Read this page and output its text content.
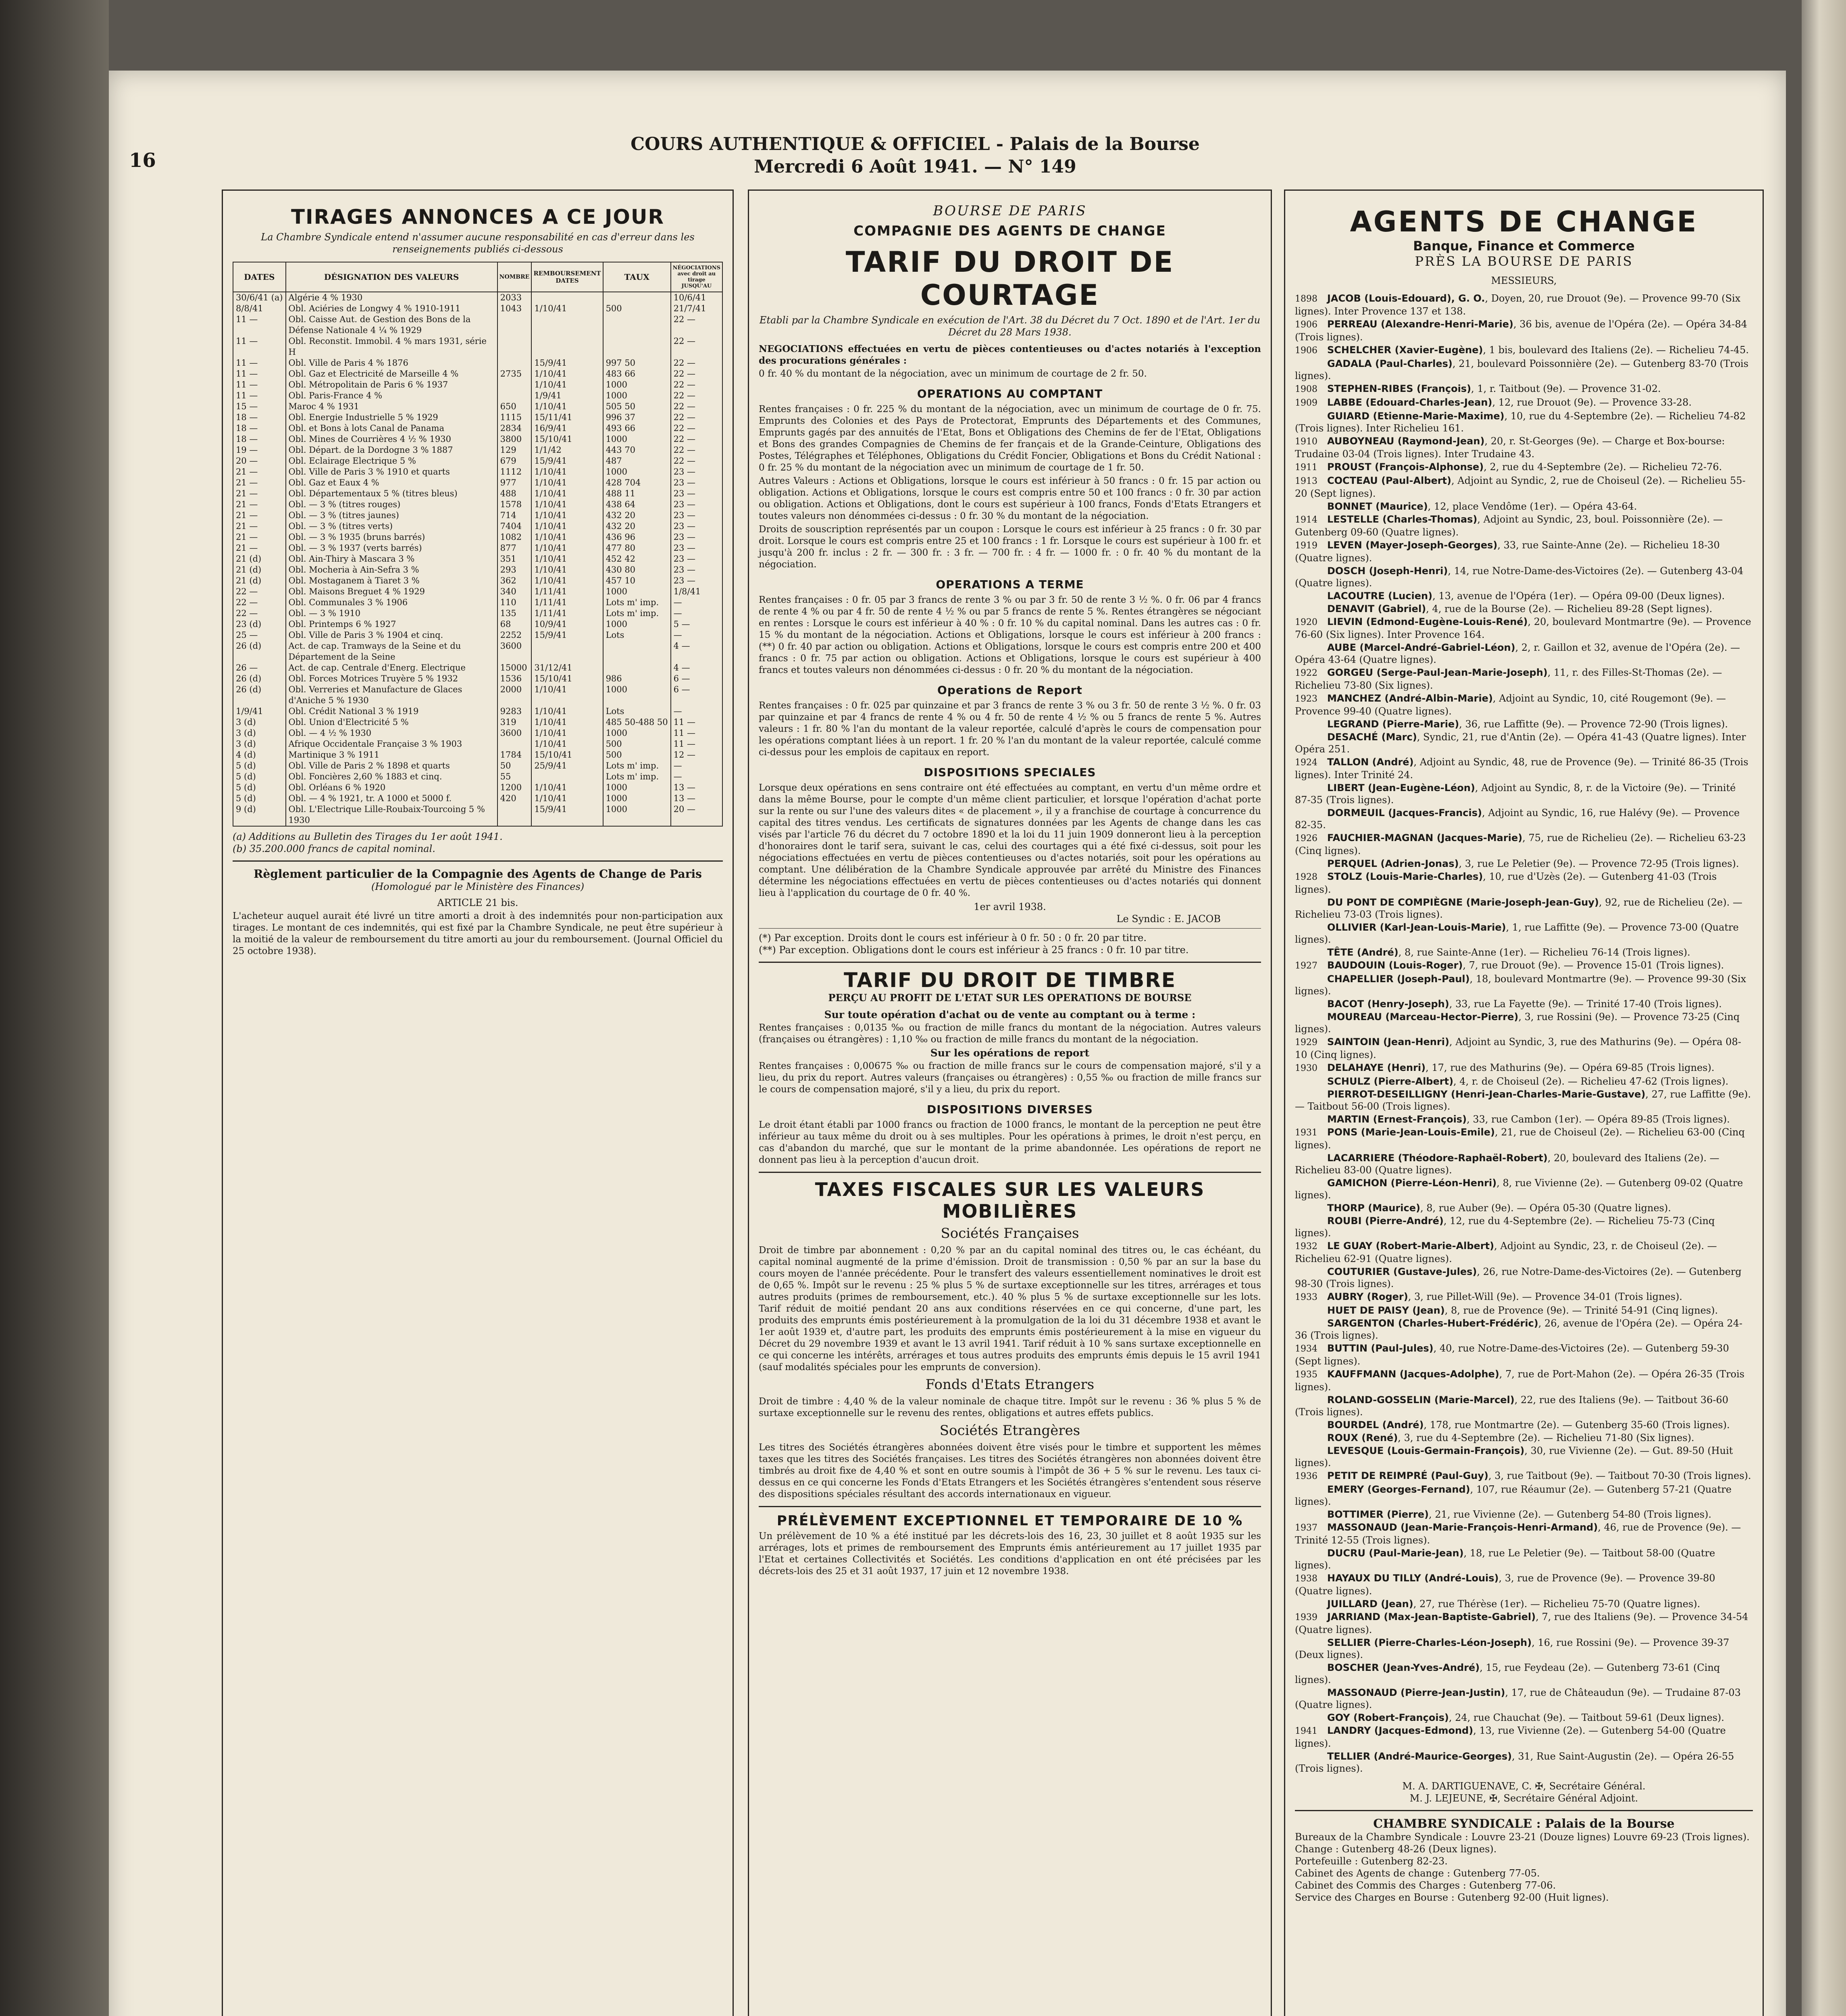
16
COURS AUTHENTIQUE & OFFICIEL - Palais de la Bourse
Mercredi 6 Août 1941. — N° 149
TIRAGES ANNONCES A CE JOUR

La Chambre Syndicale entend n'assumer aucune responsabilité en cas d'erreur dans les renseignements publiés ci-dessous

DATES	DÉSIGNATION DES VALEURS	NOMBRE	REMBOURSEMENT DATES	TAUX	NÉGOCIATIONS avec droit au tirage JUSQU'AU
30/6/41 (a)	Algérie 4 % 1930	2033			10/6/41
8/8/41	Obl. Aciéries de Longwy 4 % 1910-1911	1043	1/10/41	500	21/7/41
11 —	Obl. Caisse Aut. de Gestion des Bons de la Défense Nationale 4 ¼ % 1929				22 —
11 —	Obl. Reconstit. Immobil. 4 % mars 1931, série H				22 —
11 —	Obl. Ville de Paris 4 % 1876		15/9/41	997 50	22 —
11 —	Obl. Gaz et Electricité de Marseille 4 %	2735	1/10/41	483 66	22 —
11 —	Obl. Métropolitain de Paris 6 % 1937		1/10/41	1000	22 —
11 —	Obl. Paris-France 4 %		1/9/41	1000	22 —
15 —	Maroc 4 % 1931	650	1/10/41	505 50	22 —
18 —	Obl. Energie Industrielle 5 % 1929	1115	15/11/41	996 37	22 —
18 —	Obl. et Bons à lots Canal de Panama	2834	16/9/41	493 66	22 —
18 —	Obl. Mines de Courrières 4 ½ % 1930	3800	15/10/41	1000	22 —
19 —	Obl. Départ. de la Dordogne 3 % 1887	129	1/1/42	443 70	22 —
20 —	Obl. Eclairage Electrique 5 %	679	15/9/41	487	22 —
21 —	Obl. Ville de Paris 3 % 1910 et quarts	1112	1/10/41	1000	23 —
21 —	Obl. Gaz et Eaux 4 %	977	1/10/41	428 704	23 —
21 —	Obl. Départementaux 5 % (titres bleus)	488	1/10/41	488 11	23 —
21 —	Obl. — 3 % (titres rouges)	1578	1/10/41	438 64	23 —
21 —	Obl. — 3 % (titres jaunes)	714	1/10/41	432 20	23 —
21 —	Obl. — 3 % (titres verts)	7404	1/10/41	432 20	23 —
21 —	Obl. — 3 % 1935 (bruns barrés)	1082	1/10/41	436 96	23 —
21 —	Obl. — 3 % 1937 (verts barrés)	877	1/10/41	477 80	23 —
21 (d)	Obl. Ain-Thiry à Mascara 3 %	351	1/10/41	452 42	23 —
21 (d)	Obl. Mocheria à Ain-Sefra 3 %	293	1/10/41	430 80	23 —
21 (d)	Obl. Mostaganem à Tiaret 3 %	362	1/10/41	457 10	23 —
22 —	Obl. Maisons Breguet 4 % 1929	340	1/11/41	1000	1/8/41
22 —	Obl. Communales 3 % 1906	110	1/11/41	Lots m' imp.	—
22 —	Obl. — 3 % 1910	135	1/11/41	Lots m' imp.	—
23 (d)	Obl. Printemps 6 % 1927	68	10/9/41	1000	5 —
25 —	Obl. Ville de Paris 3 % 1904 et cinq.	2252	15/9/41	Lots	—
26 (d)	Act. de cap. Tramways de la Seine et du Département de la Seine	3600			4 —
26 —	Act. de cap. Centrale d'Energ. Electrique	15000	31/12/41		4 —
26 (d)	Obl. Forces Motrices Truyère 5 % 1932	1536	15/10/41	986	6 —
26 (d)	Obl. Verreries et Manufacture de Glaces d'Aniche 5 % 1930	2000	1/10/41	1000	6 —
1/9/41	Obl. Crédit National 3 % 1919	9283	1/10/41	Lots	—
3 (d)	Obl. Union d'Electricité 5 %	319	1/10/41	485 50-488 50	11 —
3 (d)	Obl. — 4 ½ % 1930	3600	1/10/41	1000	11 —
3 (d)	Afrique Occidentale Française 3 % 1903		1/10/41	500	11 —
4 (d)	Martinique 3 % 1911	1784	15/10/41	500	12 —
5 (d)	Obl. Ville de Paris 2 % 1898 et quarts	50	25/9/41	Lots m' imp.	—
5 (d)	Obl. Foncières 2,60 % 1883 et cinq.	55		Lots m' imp.	—
5 (d)	Obl. Orléans 6 % 1920	1200	1/10/41	1000	13 —
5 (d)	Obl. — 4 % 1921, tr. A 1000 et 5000 f.	420	1/10/41	1000	13 —
9 (d)	Obl. L'Electrique Lille-Roubaix-Tourcoing 5 % 1930		15/9/41	1000	20 —

(a) Additions au Bulletin des Tirages du 1er août 1941.

(b) 35.200.000 francs de capital nominal.

Règlement particulier de la Compagnie des Agents de Change de Paris

(Homologué par le Ministère des Finances)

ARTICLE 21 bis.

L'acheteur auquel aurait été livré un titre amorti a droit à des indemnités pour non-participation aux tirages. Le montant de ces indemnités, qui est fixé par la Chambre Syndicale, ne peut être supérieur à la moitié de la valeur de remboursement du titre amorti au jour du remboursement. (Journal Officiel du 25 octobre 1938).

BOURSE DE PARIS

COMPAGNIE DES AGENTS DE CHANGE

TARIF DU DROIT DE COURTAGE

Etabli par la Chambre Syndicale en exécution de l'Art. 38 du Décret du 7 Oct. 1890 et de l'Art. 1er du Décret du 28 Mars 1938.

NEGOCIATIONS effectuées en vertu de pièces contentieuses ou d'actes notariés à l'exception des procurations générales :

0 fr. 40 % du montant de la négociation, avec un minimum de courtage de 2 fr. 50.

OPERATIONS AU COMPTANT

Rentes françaises : 0 fr. 225 % du montant de la négociation, avec un minimum de courtage de 0 fr. 75. Emprunts des Colonies et des Pays de Protectorat, Emprunts des Départements et des Communes, Emprunts gagés par des annuités de l'Etat, Bons et Obligations des Chemins de fer de l'Etat, Obligations et Bons des grandes Compagnies de Chemins de fer français et de la Grande-Ceinture, Obligations des Postes, Télégraphes et Téléphones, Obligations du Crédit Foncier, Obligations et Bons du Crédit National : 0 fr. 25 % du montant de la négociation avec un minimum de courtage de 1 fr. 50.

Autres Valeurs : Actions et Obligations, lorsque le cours est inférieur à 50 francs : 0 fr. 15 par action ou obligation. Actions et Obligations, lorsque le cours est compris entre 50 et 100 francs : 0 fr. 30 par action ou obligation. Actions et Obligations, dont le cours est supérieur à 100 francs, Fonds d'Etats Etrangers et toutes valeurs non dénommées ci-dessus : 0 fr. 30 % du montant de la négociation.

Droits de souscription représentés par un coupon : Lorsque le cours est inférieur à 25 francs : 0 fr. 30 par droit. Lorsque le cours est compris entre 25 et 100 francs : 1 fr. Lorsque le cours est supérieur à 100 fr. et jusqu'à 200 fr. inclus : 2 fr. — 300 fr. : 3 fr. — 700 fr. : 4 fr. — 1000 fr. : 0 fr. 40 % du montant de la négociation.

OPERATIONS A TERME

Rentes françaises : 0 fr. 05 par 3 francs de rente 3 % ou par 3 fr. 50 de rente 3 ½ %. 0 fr. 06 par 4 francs de rente 4 % ou par 4 fr. 50 de rente 4 ½ % ou par 5 francs de rente 5 %. Rentes étrangères se négociant en rentes : Lorsque le cours est inférieur à 40 % : 0 fr. 10 % du capital nominal. Dans les autres cas : 0 fr. 15 % du montant de la négociation. Actions et Obligations, lorsque le cours est inférieur à 200 francs : (**) 0 fr. 40 par action ou obligation. Actions et Obligations, lorsque le cours est compris entre 200 et 400 francs : 0 fr. 75 par action ou obligation. Actions et Obligations, lorsque le cours est supérieur à 400 francs et toutes valeurs non dénommées ci-dessus : 0 fr. 20 % du montant de la négociation.

Operations de Report

Rentes françaises : 0 fr. 025 par quinzaine et par 3 francs de rente 3 % ou 3 fr. 50 de rente 3 ½ %. 0 fr. 03 par quinzaine et par 4 francs de rente 4 % ou 4 fr. 50 de rente 4 ½ % ou 5 francs de rente 5 %. Autres valeurs : 1 fr. 80 % l'an du montant de la valeur reportée, calculé d'après le cours de compensation pour les opérations comptant liées à un report. 1 fr. 20 % l'an du montant de la valeur reportée, calculé comme ci-dessus pour les emplois de capitaux en report.

DISPOSITIONS SPECIALES

Lorsque deux opérations en sens contraire ont été effectuées au comptant, en vertu d'un même ordre et dans la même Bourse, pour le compte d'un même client particulier, et lorsque l'opération d'achat porte sur la rente ou sur l'une des valeurs dites « de placement », il y a franchise de courtage à concurrence du capital des titres vendus. Les certificats de signatures données par les Agents de change dans les cas visés par l'article 76 du décret du 7 octobre 1890 et la loi du 11 juin 1909 donneront lieu à la perception d'honoraires dont le tarif sera, suivant le cas, celui des courtages qui a été fixé ci-dessus, soit pour les négociations effectuées en vertu de pièces contentieuses ou d'actes notariés, soit pour les opérations au comptant. Une délibération de la Chambre Syndicale approuvée par arrêté du Ministre des Finances détermine les négociations effectuées en vertu de pièces contentieuses ou d'actes notariés qui donnent lieu à l'application du courtage de 0 fr. 40 %.

1er avril 1938.

Le Syndic : E. JACOB

(*) Par exception. Droits dont le cours est inférieur à 0 fr. 50 : 0 fr. 20 par titre.

(**) Par exception. Obligations dont le cours est inférieur à 25 francs : 0 fr. 10 par titre.

TARIF DU DROIT DE TIMBRE

PERÇU AU PROFIT DE L'ETAT SUR LES OPERATIONS DE BOURSE

Sur toute opération d'achat ou de vente au comptant ou à terme :

Rentes françaises : 0,0135 ‰ ou fraction de mille francs du montant de la négociation. Autres valeurs (françaises ou étrangères) : 1,10 ‰ ou fraction de mille francs du montant de la négociation.

Sur les opérations de report

Rentes françaises : 0,00675 ‰ ou fraction de mille francs sur le cours de compensation majoré, s'il y a lieu, du prix du report. Autres valeurs (françaises ou étrangères) : 0,55 ‰ ou fraction de mille francs sur le cours de compensation majoré, s'il y a lieu, du prix du report.

DISPOSITIONS DIVERSES

Le droit étant établi par 1000 francs ou fraction de 1000 francs, le montant de la perception ne peut être inférieur au taux même du droit ou à ses multiples. Pour les opérations à primes, le droit n'est perçu, en cas d'abandon du marché, que sur le montant de la prime abandonnée. Les opérations de report ne donnent pas lieu à la perception d'aucun droit.

TAXES FISCALES SUR LES VALEURS MOBILIÈRES

Sociétés Françaises

Droit de timbre par abonnement : 0,20 % par an du capital nominal des titres ou, le cas échéant, du capital nominal augmenté de la prime d'émission. Droit de transmission : 0,50 % par an sur la base du cours moyen de l'année précédente. Pour le transfert des valeurs essentiellement nominatives le droit est de 0,65 %. Impôt sur le revenu : 25 % plus 5 % de surtaxe exceptionnelle sur les titres, arrérages et tous autres produits (primes de remboursement, etc.). 40 % plus 5 % de surtaxe exceptionnelle sur les lots. Tarif réduit de moitié pendant 20 ans aux conditions réservées en ce qui concerne, d'une part, les produits des emprunts émis postérieurement à la promulgation de la loi du 31 décembre 1938 et avant le 1er août 1939 et, d'autre part, les produits des emprunts émis postérieurement à la mise en vigueur du Décret du 29 novembre 1939 et avant le 13 avril 1941. Tarif réduit à 10 % sans surtaxe exceptionnelle en ce qui concerne les intérêts, arrérages et tous autres produits des emprunts émis depuis le 15 avril 1941 (sauf modalités spéciales pour les emprunts de conversion).

Fonds d'Etats Etrangers

Droit de timbre : 4,40 % de la valeur nominale de chaque titre. Impôt sur le revenu : 36 % plus 5 % de surtaxe exceptionnelle sur le revenu des rentes, obligations et autres effets publics.

Sociétés Etrangères

Les titres des Sociétés étrangères abonnées doivent être visés pour le timbre et supportent les mêmes taxes que les titres des Sociétés françaises. Les titres des Sociétés étrangères non abonnées doivent être timbrés au droit fixe de 4,40 % et sont en outre soumis à l'impôt de 36 + 5 % sur le revenu. Les taux ci-dessus en ce qui concerne les Fonds d'Etats Etrangers et les Sociétés étrangères s'entendent sous réserve des dispositions spéciales résultant des accords internationaux en vigueur.

PRÉLÈVEMENT EXCEPTIONNEL ET TEMPORAIRE DE 10 %

Un prélèvement de 10 % a été institué par les décrets-lois des 16, 23, 30 juillet et 8 août 1935 sur les arrérages, lots et primes de remboursement des Emprunts émis antérieurement au 17 juillet 1935 par l'Etat et certaines Collectivités et Sociétés. Les conditions d'application en ont été précisées par les décrets-lois des 25 et 31 août 1937, 17 juin et 12 novembre 1938.

AGENTS DE CHANGE

Banque, Finance et Commerce

PRÈS LA BOURSE DE PARIS

MESSIEURS,

1898 JACOB (Louis-Edouard), G. O., Doyen, 20, rue Drouot (9e). — Provence 99-70 (Six lignes). Inter Provence 137 et 138.

1906 PERREAU (Alexandre-Henri-Marie), 36 bis, avenue de l'Opéra (2e). — Opéra 34-84 (Trois lignes).

1906 SCHELCHER (Xavier-Eugène), 1 bis, boulevard des Italiens (2e). — Richelieu 74-45.

GADALA (Paul-Charles), 21, boulevard Poissonnière (2e). — Gutenberg 83-70 (Trois lignes).

1908 STEPHEN-RIBES (François), 1, r. Taitbout (9e). — Provence 31-02.

1909 LABBE (Edouard-Charles-Jean), 12, rue Drouot (9e). — Provence 33-28.

GUIARD (Etienne-Marie-Maxime), 10, rue du 4-Septembre (2e). — Richelieu 74-82 (Trois lignes). Inter Richelieu 161.

1910 AUBOYNEAU (Raymond-Jean), 20, r. St-Georges (9e). — Charge et Box-bourse: Trudaine 03-04 (Trois lignes). Inter Trudaine 43.

1911 PROUST (François-Alphonse), 2, rue du 4-Septembre (2e). — Richelieu 72-76.

1913 COCTEAU (Paul-Albert), Adjoint au Syndic, 2, rue de Choiseul (2e). — Richelieu 55-20 (Sept lignes).

BONNET (Maurice), 12, place Vendôme (1er). — Opéra 43-64.

1914 LESTELLE (Charles-Thomas), Adjoint au Syndic, 23, boul. Poissonnière (2e). — Gutenberg 09-60 (Quatre lignes).

1919 LEVEN (Mayer-Joseph-Georges), 33, rue Sainte-Anne (2e). — Richelieu 18-30 (Quatre lignes).

DOSCH (Joseph-Henri), 14, rue Notre-Dame-des-Victoires (2e). — Gutenberg 43-04 (Quatre lignes).

LACOUTRE (Lucien), 13, avenue de l'Opéra (1er). — Opéra 09-00 (Deux lignes).

DENAVIT (Gabriel), 4, rue de la Bourse (2e). — Richelieu 89-28 (Sept lignes).

1920 LIEVIN (Edmond-Eugène-Louis-René), 20, boulevard Montmartre (9e). — Provence 76-60 (Six lignes). Inter Provence 164.

AUBE (Marcel-André-Gabriel-Léon), 2, r. Gaillon et 32, avenue de l'Opéra (2e). — Opéra 43-64 (Quatre lignes).

1922 GORGEU (Serge-Paul-Jean-Marie-Joseph), 11, r. des Filles-St-Thomas (2e). — Richelieu 73-80 (Six lignes).

1923 MANCHEZ (André-Albin-Marie), Adjoint au Syndic, 10, cité Rougemont (9e). — Provence 99-40 (Quatre lignes).

LEGRAND (Pierre-Marie), 36, rue Laffitte (9e). — Provence 72-90 (Trois lignes).

DESACHÉ (Marc), Syndic, 21, rue d'Antin (2e). — Opéra 41-43 (Quatre lignes). Inter Opéra 251.

1924 TALLON (André), Adjoint au Syndic, 48, rue de Provence (9e). — Trinité 86-35 (Trois lignes). Inter Trinité 24.

LIBERT (Jean-Eugène-Léon), Adjoint au Syndic, 8, r. de la Victoire (9e). — Trinité 87-35 (Trois lignes).

DORMEUIL (Jacques-Francis), Adjoint au Syndic, 16, rue Halévy (9e). — Provence 82-35.

1926 FAUCHIER-MAGNAN (Jacques-Marie), 75, rue de Richelieu (2e). — Richelieu 63-23 (Cinq lignes).

PERQUEL (Adrien-Jonas), 3, rue Le Peletier (9e). — Provence 72-95 (Trois lignes).

1928 STOLZ (Louis-Marie-Charles), 10, rue d'Uzès (2e). — Gutenberg 41-03 (Trois lignes).

DU PONT DE COMPIÈGNE (Marie-Joseph-Jean-Guy), 92, rue de Richelieu (2e). — Richelieu 73-03 (Trois lignes).

OLLIVIER (Karl-Jean-Louis-Marie), 1, rue Laffitte (9e). — Provence 73-00 (Quatre lignes).

TÊTE (André), 8, rue Sainte-Anne (1er). — Richelieu 76-14 (Trois lignes).

1927 BAUDOUIN (Louis-Roger), 7, rue Drouot (9e). — Provence 15-01 (Trois lignes).

CHAPELLIER (Joseph-Paul), 18, boulevard Montmartre (9e). — Provence 99-30 (Six lignes).

BACOT (Henry-Joseph), 33, rue La Fayette (9e). — Trinité 17-40 (Trois lignes).

MOUREAU (Marceau-Hector-Pierre), 3, rue Rossini (9e). — Provence 73-25 (Cinq lignes).

1929 SAINTOIN (Jean-Henri), Adjoint au Syndic, 3, rue des Mathurins (9e). — Opéra 08-10 (Cinq lignes).

1930 DELAHAYE (Henri), 17, rue des Mathurins (9e). — Opéra 69-85 (Trois lignes).

SCHULZ (Pierre-Albert), 4, r. de Choiseul (2e). — Richelieu 47-62 (Trois lignes).

PIERROT-DESEILLIGNY (Henri-Jean-Charles-Marie-Gustave), 27, rue Laffitte (9e). — Taitbout 56-00 (Trois lignes).

MARTIN (Ernest-François), 33, rue Cambon (1er). — Opéra 89-85 (Trois lignes).

1931 PONS (Marie-Jean-Louis-Emile), 21, rue de Choiseul (2e). — Richelieu 63-00 (Cinq lignes).

LACARRIERE (Théodore-Raphaël-Robert), 20, boulevard des Italiens (2e). — Richelieu 83-00 (Quatre lignes).

GAMICHON (Pierre-Léon-Henri), 8, rue Vivienne (2e). — Gutenberg 09-02 (Quatre lignes).

THORP (Maurice), 8, rue Auber (9e). — Opéra 05-30 (Quatre lignes).

ROUBI (Pierre-André), 12, rue du 4-Septembre (2e). — Richelieu 75-73 (Cinq lignes).

1932 LE GUAY (Robert-Marie-Albert), Adjoint au Syndic, 23, r. de Choiseul (2e). — Richelieu 62-91 (Quatre lignes).

COUTURIER (Gustave-Jules), 26, rue Notre-Dame-des-Victoires (2e). — Gutenberg 98-30 (Trois lignes).

1933 AUBRY (Roger), 3, rue Pillet-Will (9e). — Provence 34-01 (Trois lignes).

HUET DE PAISY (Jean), 8, rue de Provence (9e). — Trinité 54-91 (Cinq lignes).

SARGENTON (Charles-Hubert-Frédéric), 26, avenue de l'Opéra (2e). — Opéra 24-36 (Trois lignes).

1934 BUTTIN (Paul-Jules), 40, rue Notre-Dame-des-Victoires (2e). — Gutenberg 59-30 (Sept lignes).

1935 KAUFFMANN (Jacques-Adolphe), 7, rue de Port-Mahon (2e). — Opéra 26-35 (Trois lignes).

ROLAND-GOSSELIN (Marie-Marcel), 22, rue des Italiens (9e). — Taitbout 36-60 (Trois lignes).

BOURDEL (André), 178, rue Montmartre (2e). — Gutenberg 35-60 (Trois lignes).

ROUX (René), 3, rue du 4-Septembre (2e). — Richelieu 71-80 (Six lignes).

LEVESQUE (Louis-Germain-François), 30, rue Vivienne (2e). — Gut. 89-50 (Huit lignes).

1936 PETIT DE REIMPRÉ (Paul-Guy), 3, rue Taitbout (9e). — Taitbout 70-30 (Trois lignes).

EMERY (Georges-Fernand), 107, rue Réaumur (2e). — Gutenberg 57-21 (Quatre lignes).

BOTTIMER (Pierre), 21, rue Vivienne (2e). — Gutenberg 54-80 (Trois lignes).

1937 MASSONAUD (Jean-Marie-François-Henri-Armand), 46, rue de Provence (9e). — Trinité 12-55 (Trois lignes).

DUCRU (Paul-Marie-Jean), 18, rue Le Peletier (9e). — Taitbout 58-00 (Quatre lignes).

1938 HAYAUX DU TILLY (André-Louis), 3, rue de Provence (9e). — Provence 39-80 (Quatre lignes).

JUILLARD (Jean), 27, rue Thérèse (1er). — Richelieu 75-70 (Quatre lignes).

1939 JARRIAND (Max-Jean-Baptiste-Gabriel), 7, rue des Italiens (9e). — Provence 34-54 (Quatre lignes).

SELLIER (Pierre-Charles-Léon-Joseph), 16, rue Rossini (9e). — Provence 39-37 (Deux lignes).

BOSCHER (Jean-Yves-André), 15, rue Feydeau (2e). — Gutenberg 73-61 (Cinq lignes).

MASSONAUD (Pierre-Jean-Justin), 17, rue de Châteaudun (9e). — Trudaine 87-03 (Quatre lignes).

GOY (Robert-François), 24, rue Chauchat (9e). — Taitbout 59-61 (Deux lignes).

1941 LANDRY (Jacques-Edmond), 13, rue Vivienne (2e). — Gutenberg 54-00 (Quatre lignes).

TELLIER (André-Maurice-Georges), 31, Rue Saint-Augustin (2e). — Opéra 26-55 (Trois lignes).

M. A. DARTIGUENAVE, C. ✠, Secrétaire Général.

M. J. LEJEUNE, ✠, Secrétaire Général Adjoint.

CHAMBRE SYNDICALE : Palais de la Bourse

Bureaux de la Chambre Syndicale : Louvre 23-21 (Douze lignes) Louvre 69-23 (Trois lignes).

Change : Gutenberg 48-26 (Deux lignes).

Portefeuille : Gutenberg 82-23.

Cabinet des Agents de change : Gutenberg 77-05.

Cabinet des Commis des Charges : Gutenberg 77-06.

Service des Charges en Bourse : Gutenberg 92-00 (Huit lignes).
